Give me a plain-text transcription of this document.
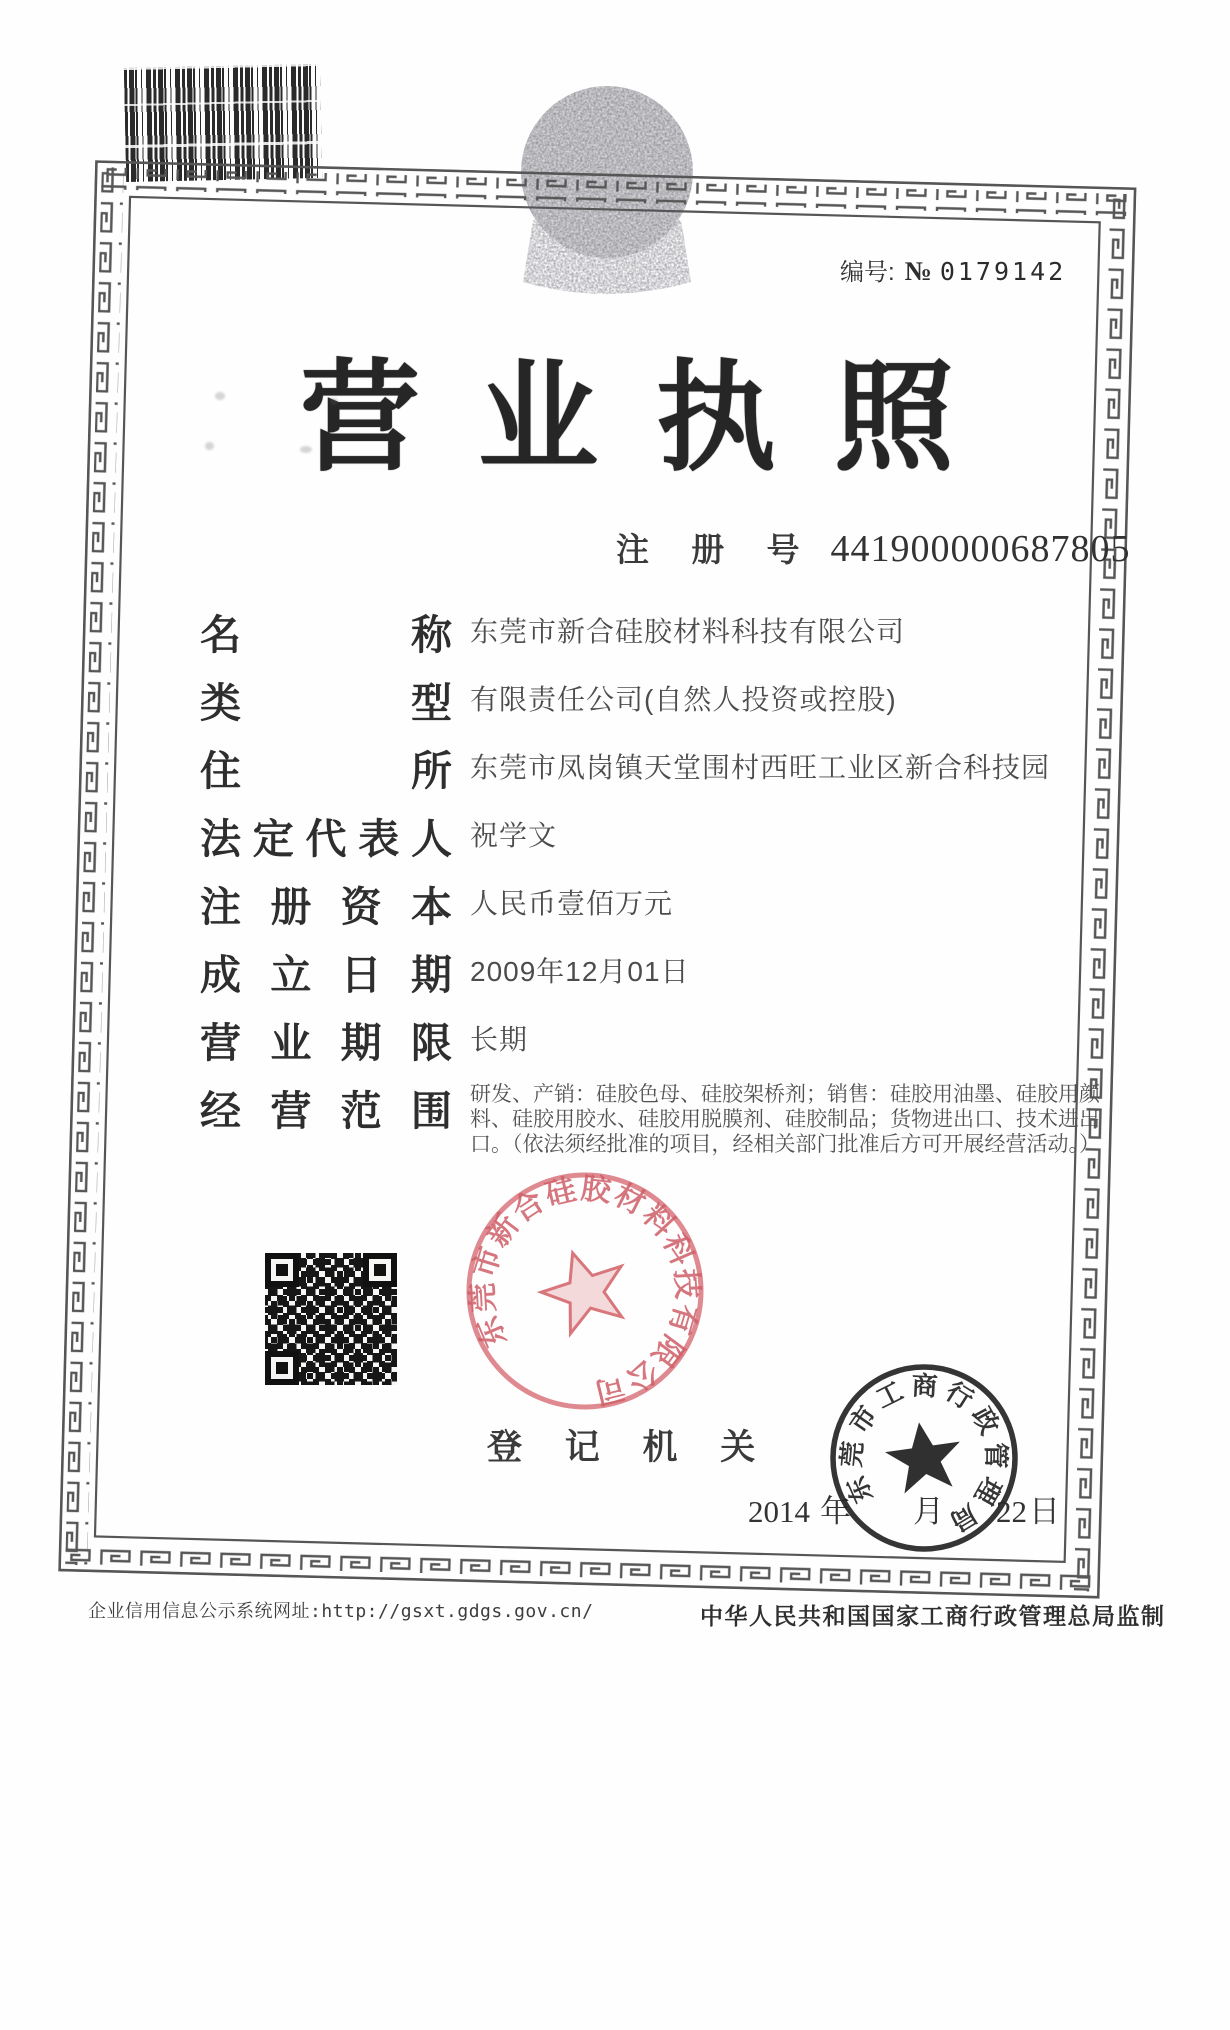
编号: № 0179142
营业执照
注 册 号 441900000687805
名称 东莞市新合硅胶材料科技有限公司
类型 有限责任公司(自然人投资或控股)
住所 东莞市凤岗镇天堂围村西旺工业区新合科技园
法定代表人 祝学文
注册资本 人民币壹佰万元
成立日期 2009年12月01日
营业期限 长期
经营范围 研发、产销：硅胶色母、硅胶架桥剂；销售：硅胶用油墨、硅胶用颜料、硅胶用胶水、硅胶用脱膜剂、硅胶制品；货物进出口、技术进出口。（依法须经批准的项目，经相关部门批准后方可开展经营活动。）
东莞市新合硅胶材料科技有限公司
登 记 机 关
2014 年 月 22日
东莞市工商行政管理局
企业信用信息公示系统网址:http://gsxt.gdgs.gov.cn/	中华人民共和国国家工商行政管理总局监制
